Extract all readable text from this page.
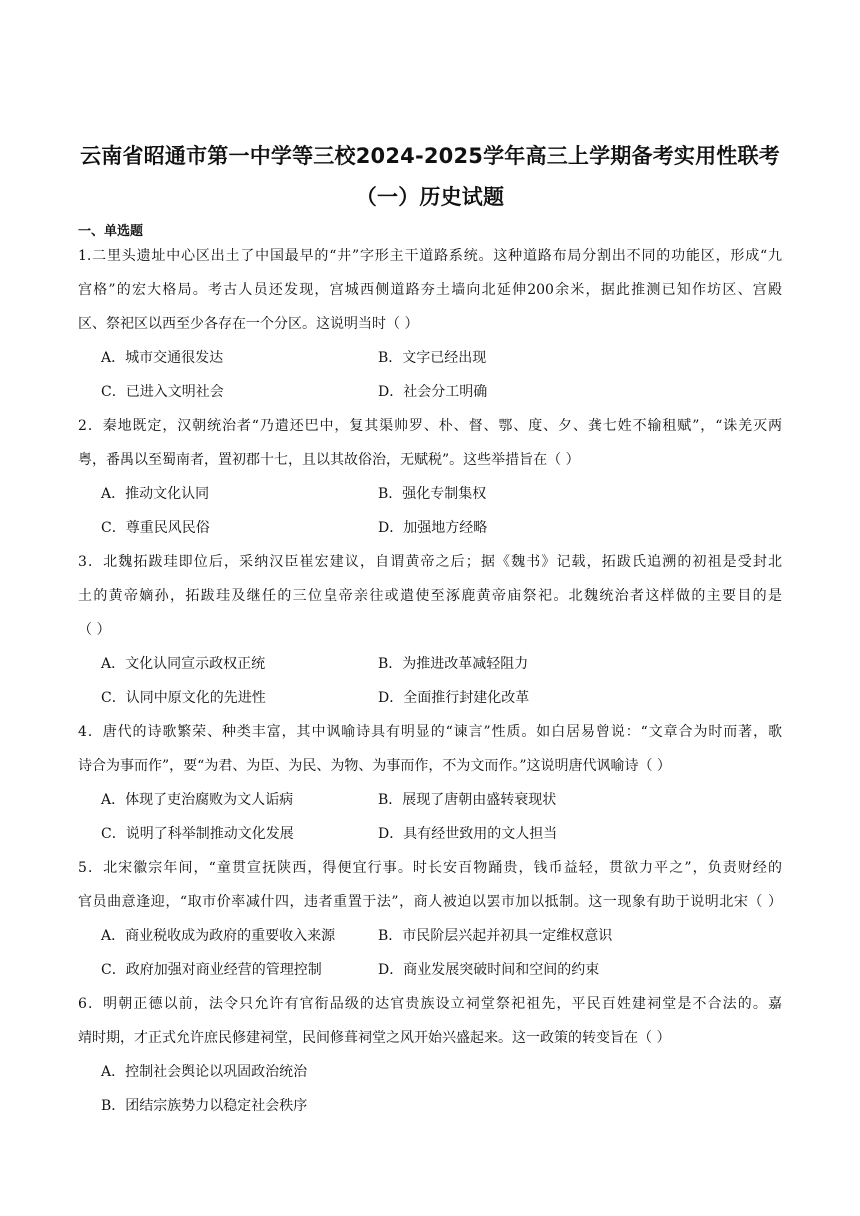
云南省昭通市第一中学等三校2024-2025学年高三上学期备考实用性联考
（一）历史试题
一、单选题
1.二里头遗址中心区出土了中国最早的“井”字形主干道路系统。这种道路布局分割出不同的功能区，形成“九
宫格”的宏大格局。考古人员还发现，宫城西侧道路夯土墙向北延伸200余米，据此推测已知作坊区、宫殿
区、祭祀区以西至少各存在一个分区。这说明当时（ ）
A．城市交通很发达	B．文字已经出现
C．已进入文明社会	D．社会分工明确
2．秦地既定，汉朝统治者“乃遣还巴中，复其渠帅罗、朴、督、鄂、度、夕、龚七姓不输租赋”，“诛羌灭两
粤，番禺以至蜀南者，置初郡十七，且以其故俗治，无赋税”。这些举措旨在（ ）
A．推动文化认同	B．强化专制集权
C．尊重民风民俗	D．加强地方经略
3．北魏拓跋珪即位后，采纳汉臣崔宏建议，自谓黄帝之后；据《魏书》记载，拓跋氏追溯的初祖是受封北
土的黄帝嫡孙，拓跋珪及继任的三位皇帝亲往或遣使至涿鹿黄帝庙祭祀。北魏统治者这样做的主要目的是
（ ）
A．文化认同宣示政权正统	B．为推进改革减轻阻力
C．认同中原文化的先进性	D．全面推行封建化改革
4．唐代的诗歌繁荣、种类丰富，其中讽喻诗具有明显的“谏言”性质。如白居易曾说：“文章合为时而著，歌
诗合为事而作”，要“为君、为臣、为民、为物、为事而作，不为文而作。”这说明唐代讽喻诗（ ）
A．体现了吏治腐败为文人诟病	B．展现了唐朝由盛转衰现状
C．说明了科举制推动文化发展	D．具有经世致用的文人担当
5．北宋徽宗年间，“童贯宣抚陕西，得便宜行事。时长安百物踊贵，钱币益轻，贯欲力平之”，负责财经的
官员曲意逢迎，“取市价率减什四，违者重置于法”，商人被迫以罢市加以抵制。这一现象有助于说明北宋（ ）
A．商业税收成为政府的重要收入来源	B．市民阶层兴起并初具一定维权意识
C．政府加强对商业经营的管理控制	D．商业发展突破时间和空间的约束
6．明朝正德以前，法令只允许有官衔品级的达官贵族设立祠堂祭祀祖先，平民百姓建祠堂是不合法的。嘉
靖时期，才正式允许庶民修建祠堂，民间修葺祠堂之风开始兴盛起来。这一政策的转变旨在（ ）
A．控制社会舆论以巩固政治统治
B．团结宗族势力以稳定社会秩序
